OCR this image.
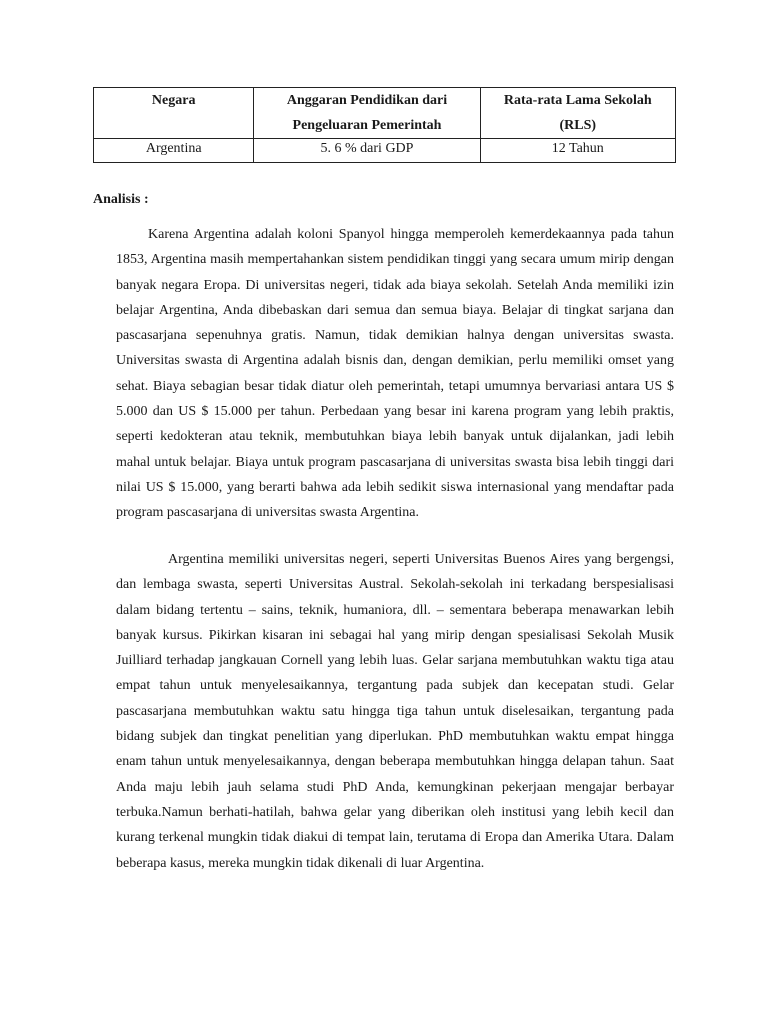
Negara	Anggaran Pendidikan dari Pengeluaran Pemerintah	Rata-rata Lama Sekolah (RLS)
Argentina	5. 6 % dari GDP	12 Tahun

Analisis :

Karena Argentina adalah koloni Spanyol hingga memperoleh kemerdekaannya pada tahun 1853, Argentina masih mempertahankan sistem pendidikan tinggi yang secara umum mirip dengan banyak negara Eropa. Di universitas negeri, tidak ada biaya sekolah. Setelah Anda memiliki izin belajar Argentina, Anda dibebaskan dari semua dan semua biaya. Belajar di tingkat sarjana dan pascasarjana sepenuhnya gratis. Namun, tidak demikian halnya dengan universitas swasta. Universitas swasta di Argentina adalah bisnis dan, dengan demikian, perlu memiliki omset yang sehat. Biaya sebagian besar tidak diatur oleh pemerintah, tetapi umumnya bervariasi antara US $ 5.000 dan US $ 15.000 per tahun. Perbedaan yang besar ini karena program yang lebih praktis, seperti kedokteran atau teknik, membutuhkan biaya lebih banyak untuk dijalankan, jadi lebih mahal untuk belajar. Biaya untuk program pascasarjana di universitas swasta bisa lebih tinggi dari nilai US $ 15.000, yang berarti bahwa ada lebih sedikit siswa internasional yang mendaftar pada program pascasarjana di universitas swasta Argentina.

Argentina memiliki universitas negeri, seperti Universitas Buenos Aires yang bergengsi, dan lembaga swasta, seperti Universitas Austral. Sekolah-sekolah ini terkadang berspesialisasi dalam bidang tertentu – sains, teknik, humaniora, dll. – sementara beberapa menawarkan lebih banyak kursus. Pikirkan kisaran ini sebagai hal yang mirip dengan spesialisasi Sekolah Musik Juilliard terhadap jangkauan Cornell yang lebih luas. Gelar sarjana membutuhkan waktu tiga atau empat tahun untuk menyelesaikannya, tergantung pada subjek dan kecepatan studi. Gelar pascasarjana membutuhkan waktu satu hingga tiga tahun untuk diselesaikan, tergantung pada bidang subjek dan tingkat penelitian yang diperlukan. PhD membutuhkan waktu empat hingga enam tahun untuk menyelesaikannya, dengan beberapa membutuhkan hingga delapan tahun. Saat Anda maju lebih jauh selama studi PhD Anda, kemungkinan pekerjaan mengajar berbayar terbuka.Namun berhati-hatilah, bahwa gelar yang diberikan oleh institusi yang lebih kecil dan kurang terkenal mungkin tidak diakui di tempat lain, terutama di Eropa dan Amerika Utara. Dalam beberapa kasus, mereka mungkin tidak dikenali di luar Argentina.
